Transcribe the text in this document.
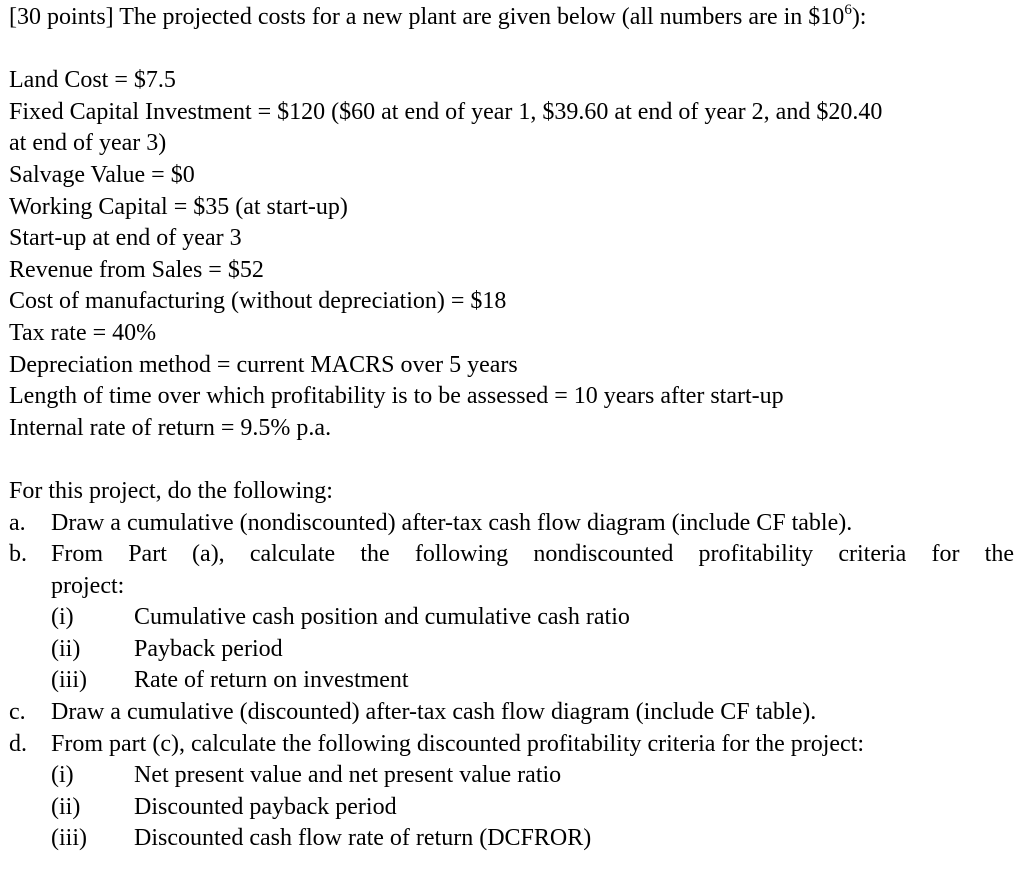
[30 points] The projected costs for a new plant are given below (all numbers are in $\$10^6$):
Land Cost = $7.5
Fixed Capital Investment = $120 ($60 at end of year 1, $39.60 at end of year 2, and $20.40
at end of year 3)
Salvage Value = $0
Working Capital = $35 (at start-up)
Start-up at end of year 3
Revenue from Sales = $52
Cost of manufacturing (without depreciation) = $18
Tax rate = 40%
Depreciation method = current MACRS over 5 years
Length of time over which profitability is to be assessed = 10 years after start-up
Internal rate of return = 9.5% p.a.
For this project, do the following:
a.	Draw a cumulative (nondiscounted) after-tax cash flow diagram (include CF table).
b.	From Part (a), calculate the following nondiscounted profitability criteria for the
project:
(i)	Cumulative cash position and cumulative cash ratio
(ii)	Payback period
(iii)	Rate of return on investment
c.	Draw a cumulative (discounted) after-tax cash flow diagram (include CF table).
d.	From part (c), calculate the following discounted profitability criteria for the project:
(i)	Net present value and net present value ratio
(ii)	Discounted payback period
(iii)	Discounted cash flow rate of return (DCFROR)
